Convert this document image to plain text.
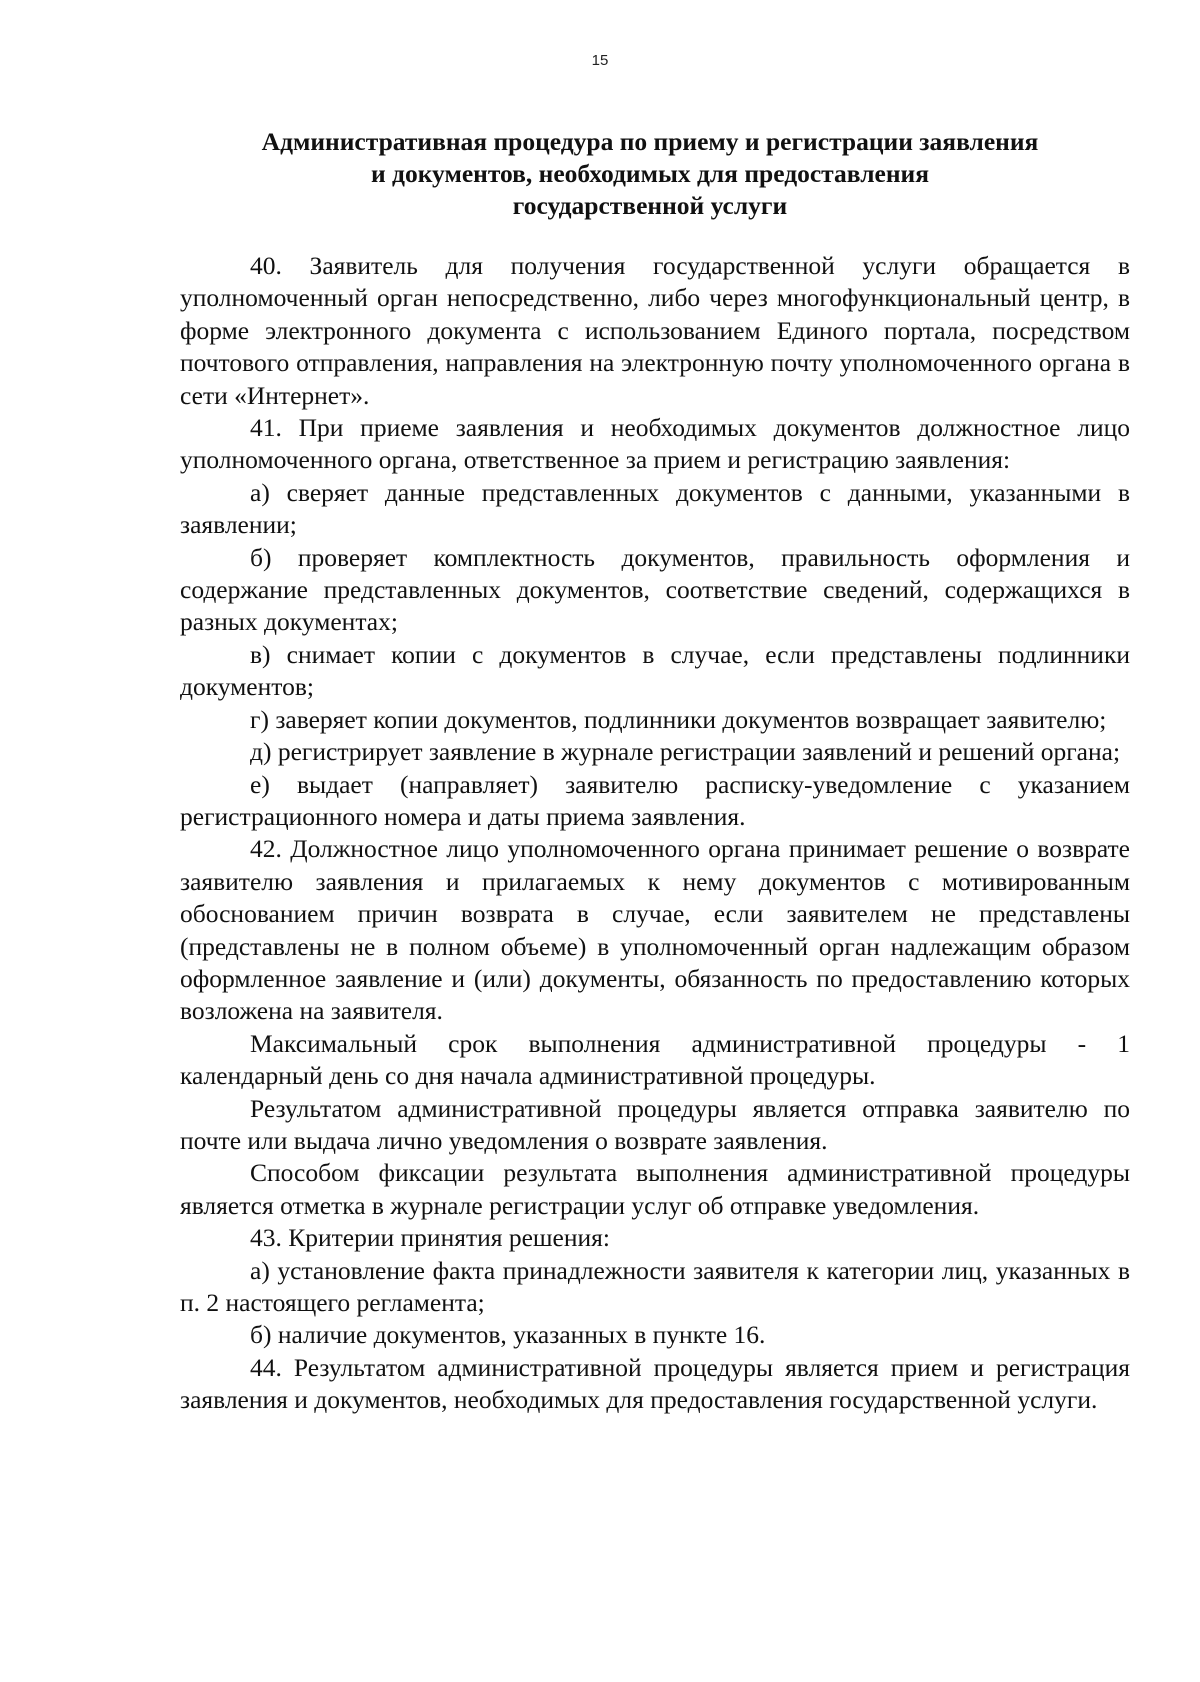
15
Административная процедура по приему и регистрации заявления
и документов, необходимых для предоставления
государственной услуги

40. Заявитель для получения государственной услуги обращается в уполномоченный орган непосредственно, либо через многофункциональный центр, в форме электронного документа с использованием Единого портала, посредством почтового отправления, направления на электронную почту уполномоченного органа в сети «Интернет».

41. При приеме заявления и необходимых документов должностное лицо уполномоченного органа, ответственное за прием и регистрацию заявления:

а) сверяет данные представленных документов с данными, указанными в заявлении;

б) проверяет комплектность документов, правильность оформления и содержание представленных документов, соответствие сведений, содержащихся в разных документах;

в) снимает копии с документов в случае, если представлены подлинники документов;

г) заверяет копии документов, подлинники документов возвращает заявителю;

д) регистрирует заявление в журнале регистрации заявлений и решений органа;

е) выдает (направляет) заявителю расписку-уведомление с указанием регистрационного номера и даты приема заявления.

42. Должностное лицо уполномоченного органа принимает решение о возврате заявителю заявления и прилагаемых к нему документов с мотивированным обоснованием причин возврата в случае, если заявителем не представлены (представлены не в полном объеме) в уполномоченный орган надлежащим образом оформленное заявление и (или) документы, обязанность по предоставлению которых возложена на заявителя.

Максимальный срок выполнения административной процедуры - 1 календарный день со дня начала административной процедуры.

Результатом административной процедуры является отправка заявителю по почте или выдача лично уведомления о возврате заявления.

Способом фиксации результата выполнения административной процедуры является отметка в журнале регистрации услуг об отправке уведомления.

43. Критерии принятия решения:

а) установление факта принадлежности заявителя к категории лиц, указанных в п. 2 настоящего регламента;

б) наличие документов, указанных в пункте 16.

44. Результатом административной процедуры является прием и регистрация заявления и документов, необходимых для предоставления государственной услуги.
